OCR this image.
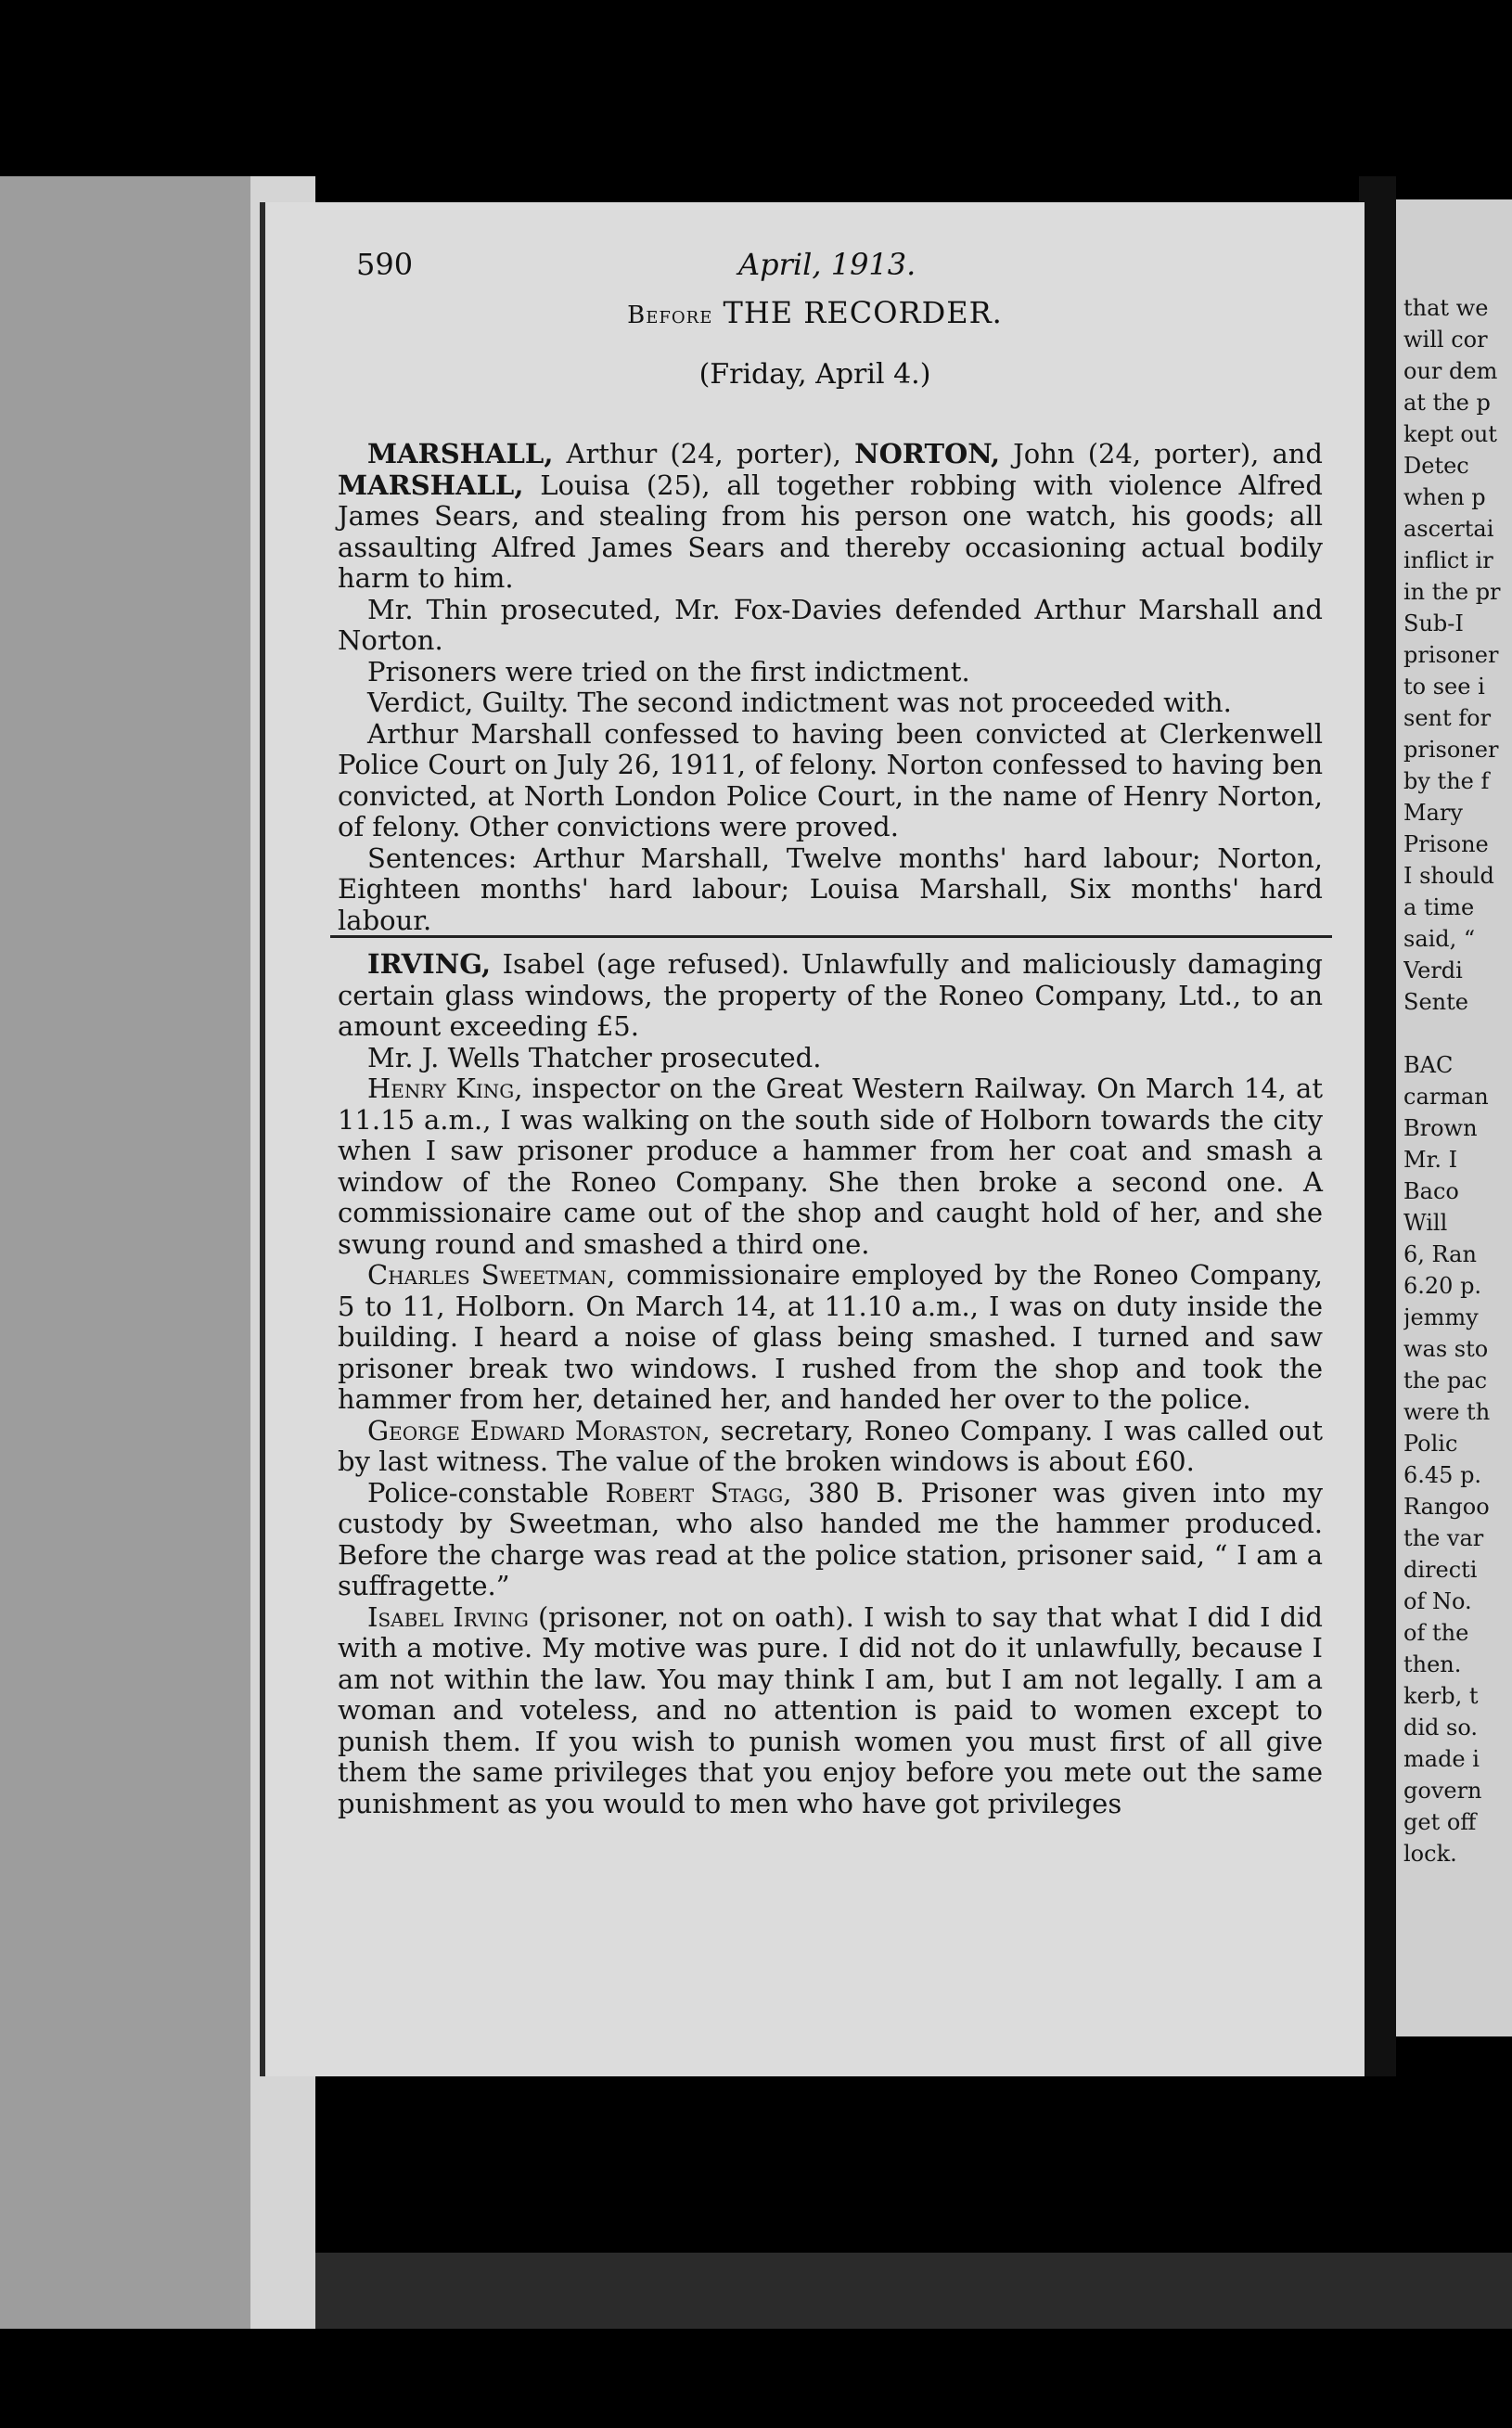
590	April, 1913.
Before THE RECORDER.
(Friday, April 4.)

MARSHALL, Arthur (24, porter), NORTON, John (24, porter), and MARSHALL, Louisa (25), all together robbing with violence Alfred James Sears, and stealing from his person one watch, his goods; all assaulting Alfred James Sears and thereby occasioning actual bodily harm to him.

Mr. Thin prosecuted, Mr. Fox-Davies defended Arthur Marshall and Norton.

Prisoners were tried on the first indictment.

Verdict, Guilty. The second indictment was not proceeded with.

Arthur Marshall confessed to having been convicted at Clerkenwell Police Court on July 26, 1911, of felony. Norton confessed to having ben convicted, at North London Police Court, in the name of Henry Norton, of felony. Other convictions were proved.

Sentences: Arthur Marshall, Twelve months' hard labour; Norton, Eighteen months' hard labour; Louisa Marshall, Six months' hard labour.

IRVING, Isabel (age refused). Unlawfully and maliciously damaging certain glass windows, the property of the Roneo Company, Ltd., to an amount exceeding £5.

Mr. J. Wells Thatcher prosecuted.

Henry King, inspector on the Great Western Railway. On March 14, at 11.15 a.m., I was walking on the south side of Holborn towards the city when I saw prisoner produce a hammer from her coat and smash a window of the Roneo Company. She then broke a second one. A commissionaire came out of the shop and caught hold of her, and she swung round and smashed a third one.

Charles Sweetman, commissionaire employed by the Roneo Company, 5 to 11, Holborn. On March 14, at 11.10 a.m., I was on duty inside the building. I heard a noise of glass being smashed. I turned and saw prisoner break two windows. I rushed from the shop and took the hammer from her, detained her, and handed her over to the police.

George Edward Moraston, secretary, Roneo Company. I was called out by last witness. The value of the broken windows is about £60.

Police-constable Robert Stagg, 380 B. Prisoner was given into my custody by Sweetman, who also handed me the hammer produced. Before the charge was read at the police station, prisoner said, “ I am a suffragette.”

Isabel Irving (prisoner, not on oath). I wish to say that what I did I did with a motive. My motive was pure. I did not do it unlawfully, because I am not within the law. You may think I am, but I am not legally. I am a woman and voteless, and no attention is paid to women except to punish them. If you wish to punish women you must first of all give them the same privileges that you enjoy before you mete out the same punishment as you would to men who have got privileges

that we
will cor
our dem
at the p
kept out
Detec
when p
ascertai
inflict ir
in the pr
Sub-I
prisoner
to see i
sent for
prisoner
by the f
Mary
Prisone
I should
a time
said, “
Verdi
Sente
BAC
carman
Brown
Mr. I
Baco
Will
6, Ran
6.20 p.
jemmy
was sto
the pac
were th
Polic
6.45 p.
Rangoo
the var
directi
of No.
of the
then.
kerb, t
did so.
made i
govern
get off
lock.
